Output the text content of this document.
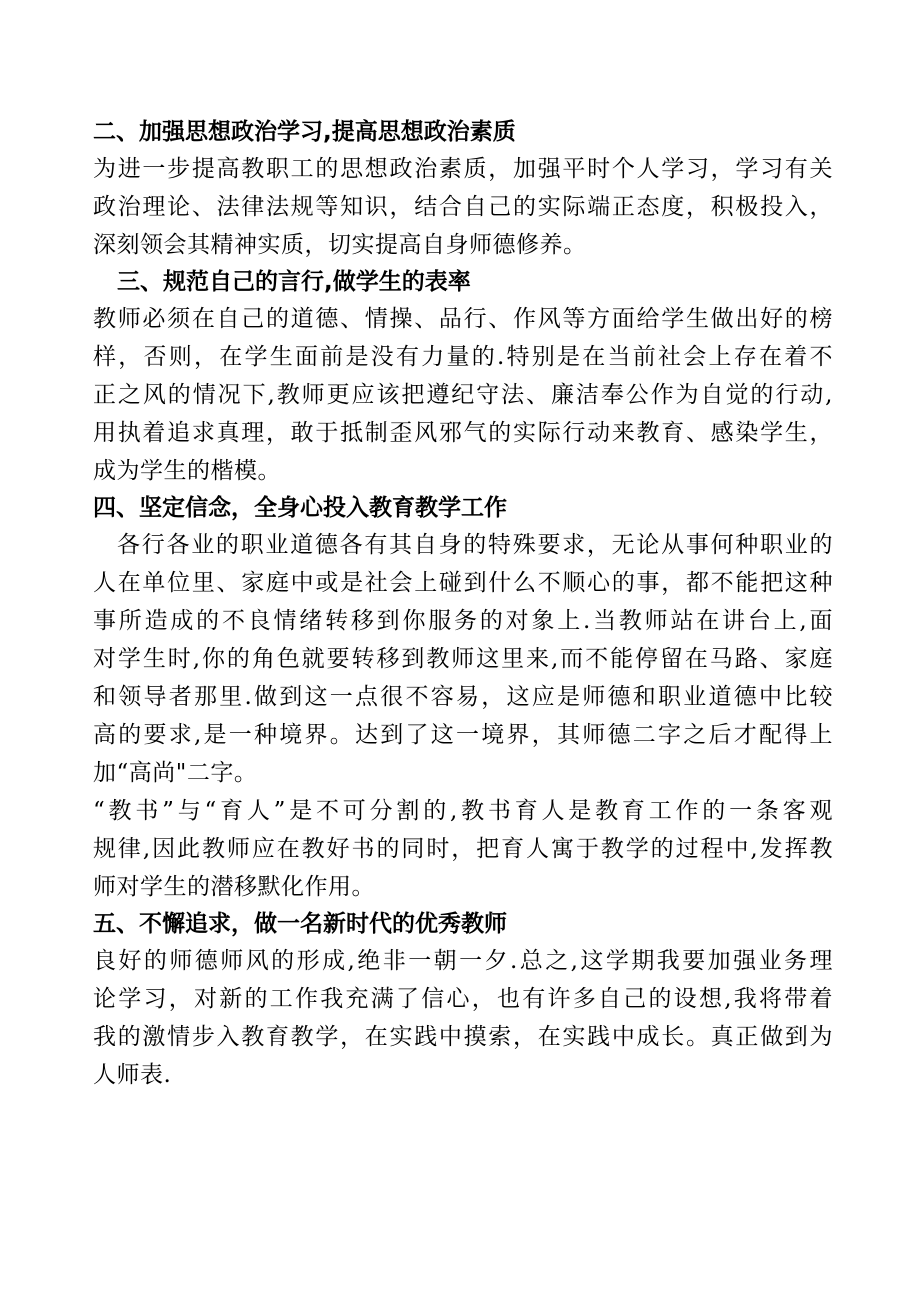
二、加强思想政治学习,提高思想政治素质
为进一步提高教职工的思想政治素质，加强平时个人学习，学习有关
政治理论、法律法规等知识，结合自己的实际端正态度，积极投入，
深刻领会其精神实质，切实提高自身师德修养。
三、规范自己的言行,做学生的表率
教师必须在自己的道德、情操、品行、作风等方面给学生做出好的榜
样，否则，在学生面前是没有力量的.特别是在当前社会上存在着不
正之风的情况下,教师更应该把遵纪守法、廉洁奉公作为自觉的行动,
用执着追求真理，敢于抵制歪风邪气的实际行动来教育、感染学生，
成为学生的楷模。
四、坚定信念，全身心投入教育教学工作
各行各业的职业道德各有其自身的特殊要求，无论从事何种职业的
人在单位里、家庭中或是社会上碰到什么不顺心的事，都不能把这种
事所造成的不良情绪转移到你服务的对象上.当教师站在讲台上,面
对学生时,你的角色就要转移到教师这里来,而不能停留在马路、家庭
和领导者那里.做到这一点很不容易，这应是师德和职业道德中比较
高的要求,是一种境界。达到了这一境界，其师德二字之后才配得上
加“高尚"二字。
“教书”与“育人”是不可分割的,教书育人是教育工作的一条客观
规律,因此教师应在教好书的同时，把育人寓于教学的过程中,发挥教
师对学生的潜移默化作用。
五、不懈追求，做一名新时代的优秀教师
良好的师德师风的形成,绝非一朝一夕.总之,这学期我要加强业务理
论学习，对新的工作我充满了信心，也有许多自己的设想,我将带着
我的激情步入教育教学，在实践中摸索，在实践中成长。真正做到为
人师表.
